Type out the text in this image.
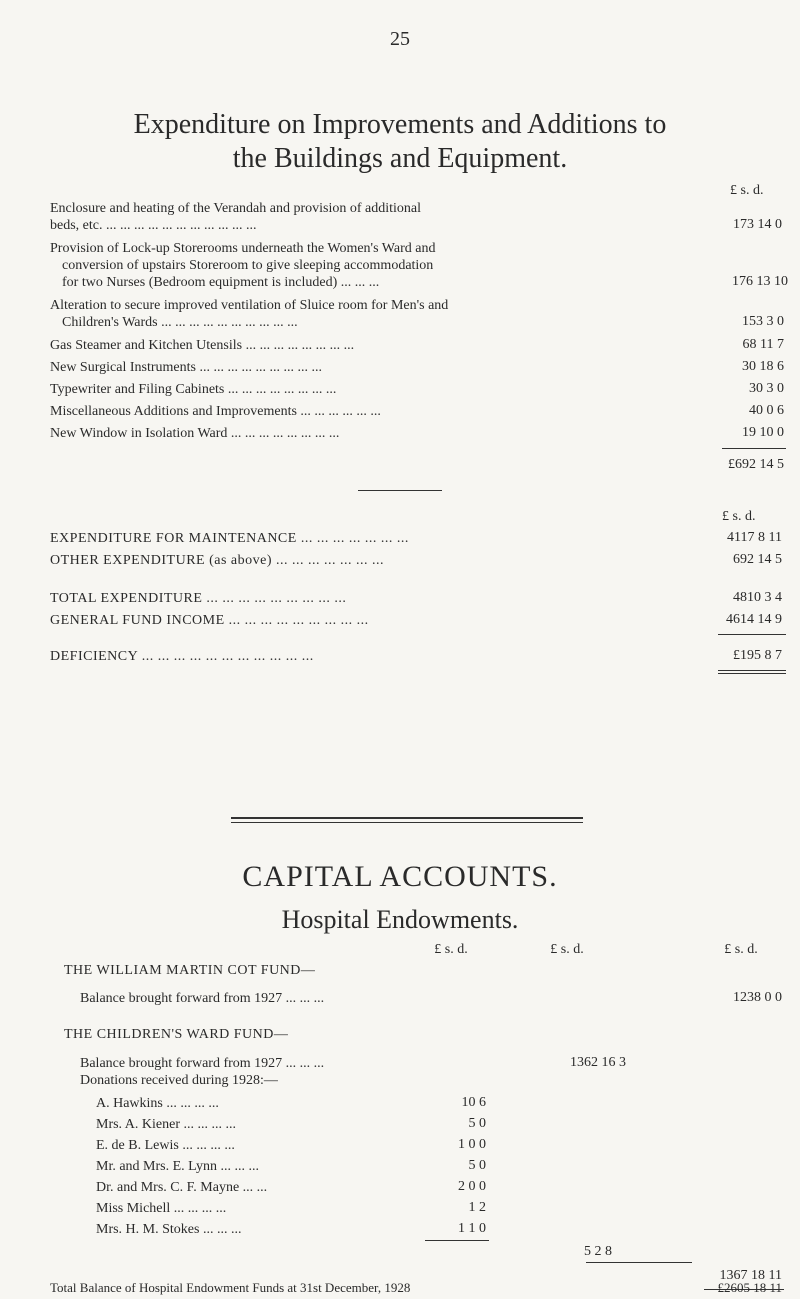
25
Expenditure on Improvements and Additions to
the Buildings and Equipment.
£ s. d.
Enclosure and heating of the Verandah and provision of additional
beds, etc. ... ... ... ... ... ... ... ... ... ... ...	173 14 0
Provision of Lock-up Storerooms underneath the Women's Ward and
conversion of upstairs Storeroom to give sleeping accommodation
for two Nurses (Bedroom equipment is included) ... ... ...	176 13 10
Alteration to secure improved ventilation of Sluice room for Men's and
Children's Wards ... ... ... ... ... ... ... ... ... ...	153 3 0
Gas Steamer and Kitchen Utensils ... ... ... ... ... ... ... ...	68 11 7
New Surgical Instruments ... ... ... ... ... ... ... ... ...	30 18 6
Typewriter and Filing Cabinets ... ... ... ... ... ... ... ...	30 3 0
Miscellaneous Additions and Improvements ... ... ... ... ... ...	40 0 6
New Window in Isolation Ward ... ... ... ... ... ... ... ...	19 10 0
£692 14 5
£ s. d.
EXPENDITURE FOR MAINTENANCE ... ... ... ... ... ... ...	4117 8 11
OTHER EXPENDITURE (as above) ... ... ... ... ... ... ...	692 14 5
TOTAL EXPENDITURE ... ... ... ... ... ... ... ... ...	4810 3 4
GENERAL FUND INCOME ... ... ... ... ... ... ... ... ...	4614 14 9
DEFICIENCY ... ... ... ... ... ... ... ... ... ... ...	£195 8 7
CAPITAL ACCOUNTS.
Hospital Endowments.
£ s. d.	£ s. d.	£ s. d.
THE WILLIAM MARTIN COT FUND—
Balance brought forward from 1927 ... ... ...	1238 0 0
THE CHILDREN'S WARD FUND—
Balance brought forward from 1927 ... ... ...	1362 16 3
Donations received during 1928:—
A. Hawkins ... ... ... ...	10 6
Mrs. A. Kiener ... ... ... ...	5 0
E. de B. Lewis ... ... ... ...	1 0 0
Mr. and Mrs. E. Lynn ... ... ...	5 0
Dr. and Mrs. C. F. Mayne ... ...	2 0 0
Miss Michell ... ... ... ...	1 2
Mrs. H. M. Stokes ... ... ...	1 1 0
5 2 8
1367 18 11
Total Balance of Hospital Endowment Funds at 31st December, 1928	£2605 18 11
